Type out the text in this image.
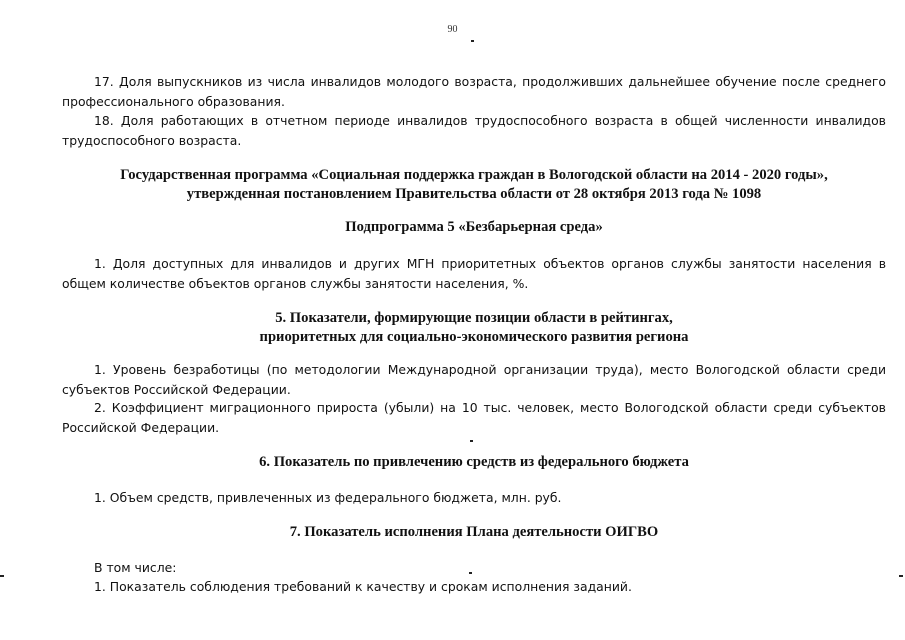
90
17. Доля выпускников из числа инвалидов молодого возраста, продолживших дальнейшее обучение после среднего профессионального образования.
18. Доля работающих в отчетном периоде инвалидов трудоспособного возраста в общей численности инвалидов трудоспособного возраста.
Государственная программа «Социальная поддержка граждан в Вологодской области на 2014 - 2020 годы»,
утвержденная постановлением Правительства области от 28 октября 2013 года № 1098
Подпрограмма 5 «Безбарьерная среда»
1. Доля доступных для инвалидов и других МГН приоритетных объектов органов службы занятости населения в общем количестве объектов органов службы занятости населения, %.
5. Показатели, формирующие позиции области в рейтингах,
приоритетных для социально-экономического развития региона
1. Уровень безработицы (по методологии Международной организации труда), место Вологодской области среди субъектов Российской Федерации.
2. Коэффициент миграционного прироста (убыли) на 10 тыс. человек, место Вологодской области среди субъектов Российской Федерации.
6. Показатель по привлечению средств из федерального бюджета
1. Объем средств, привлеченных из федерального бюджета, млн. руб.
7. Показатель исполнения Плана деятельности ОИГВО
В том числе:
1. Показатель соблюдения требований к качеству и срокам исполнения заданий.
